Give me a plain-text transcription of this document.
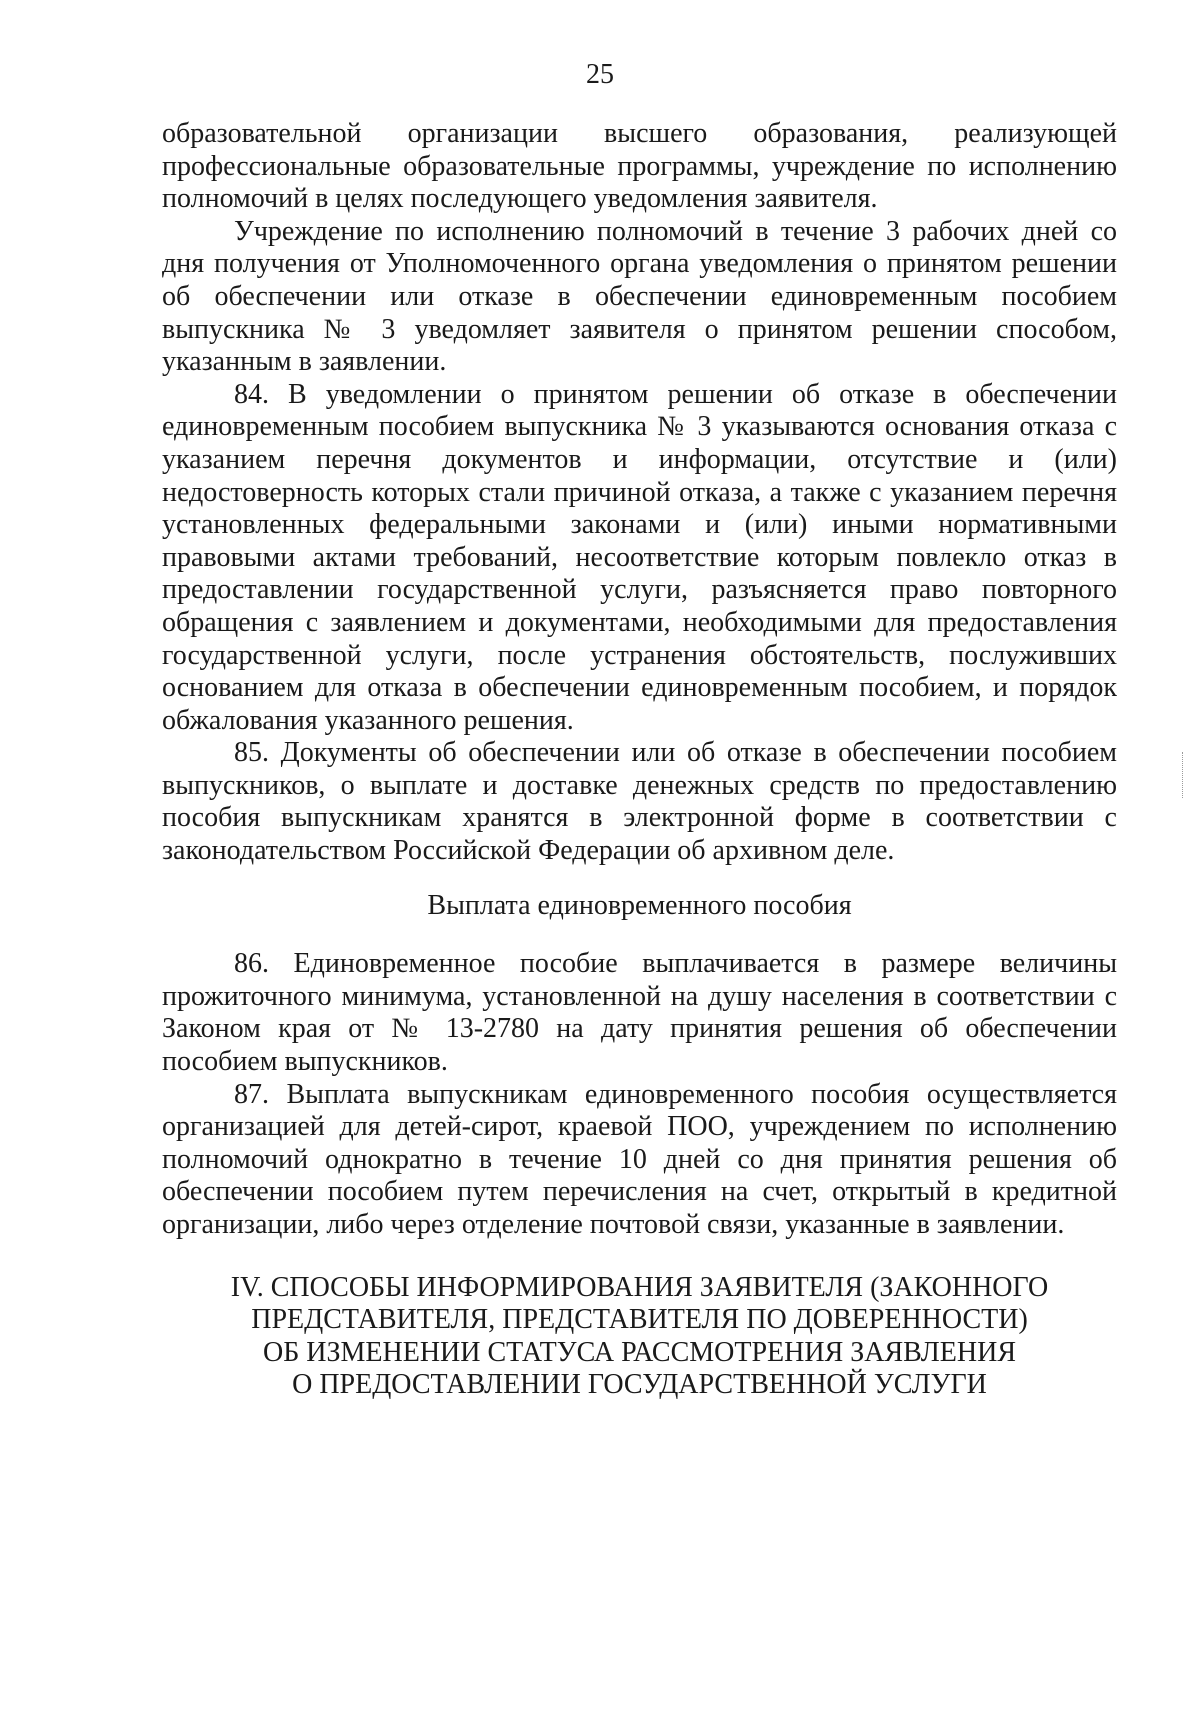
25

образовательной организации высшего образования, реализующей профессиональные образовательные программы, учреждение по исполнению полномочий в целях последующего уведомления заявителя.

Учреждение по исполнению полномочий в течение 3 рабочих дней со дня получения от Уполномоченного органа уведомления о принятом решении об обеспечении или отказе в обеспечении единовременным пособием выпускника № 3 уведомляет заявителя о принятом решении способом, указанным в заявлении.

84. В уведомлении о принятом решении об отказе в обеспечении единовременным пособием выпускника № 3 указываются основания отказа с указанием перечня документов и информации, отсутствие и (или) недостоверность которых стали причиной отказа, а также с указанием перечня установленных федеральными законами и (или) иными нормативными правовыми актами требований, несоответствие которым повлекло отказ в предоставлении государственной услуги, разъясняется право повторного обращения с заявлением и документами, необходимыми для предоставления государственной услуги, после устранения обстоятельств, послуживших основанием для отказа в обеспечении единовременным пособием, и порядок обжалования указанного решения.

85. Документы об обеспечении или об отказе в обеспечении пособием выпускников, о выплате и доставке денежных средств по предоставлению пособия выпускникам хранятся в электронной форме в соответствии с законодательством Российской Федерации об архивном деле.

Выплата единовременного пособия

86. Единовременное пособие выплачивается в размере величины прожиточного минимума, установленной на душу населения в соответствии с Законом края от № 13-2780 на дату принятия решения об обеспечении пособием выпускников.

87. Выплата выпускникам единовременного пособия осуществляется организацией для детей-сирот, краевой ПОО, учреждением по исполнению полномочий однократно в течение 10 дней со дня принятия решения об обеспечении пособием путем перечисления на счет, открытый в кредитной организации, либо через отделение почтовой связи, указанные в заявлении.

IV. СПОСОБЫ ИНФОРМИРОВАНИЯ ЗАЯВИТЕЛЯ (ЗАКОННОГО
ПРЕДСТАВИТЕЛЯ, ПРЕДСТАВИТЕЛЯ ПО ДОВЕРЕННОСТИ)
ОБ ИЗМЕНЕНИИ СТАТУСА РАССМОТРЕНИЯ ЗАЯВЛЕНИЯ
О ПРЕДОСТАВЛЕНИИ ГОСУДАРСТВЕННОЙ УСЛУГИ
